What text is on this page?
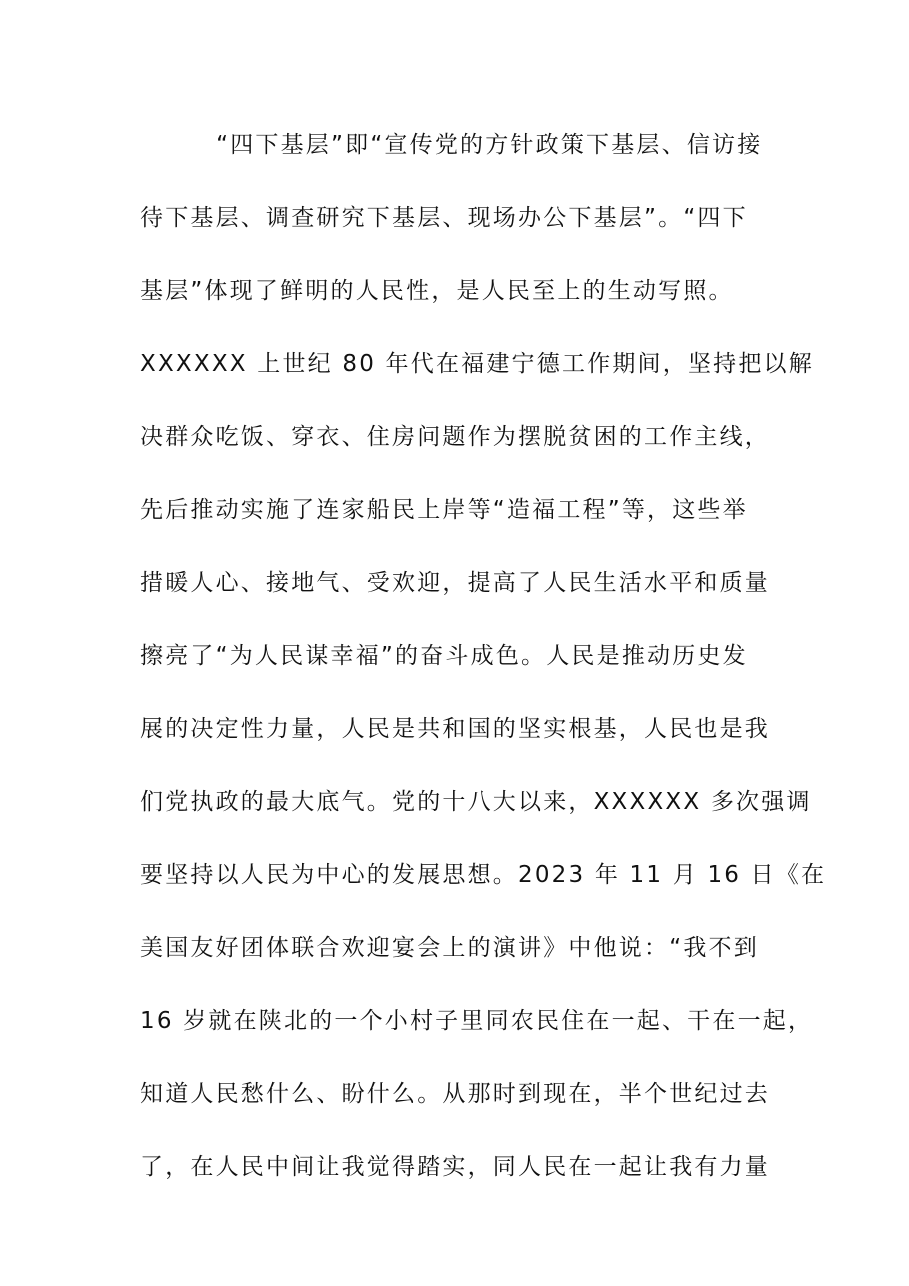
“四下基层”即“宣传党的方针政策下基层、信访接
待下基层、调查研究下基层、现场办公下基层”。“四下
基层”体现了鲜明的人民性，是人民至上的生动写照。
XXXXXX 上世纪 80 年代在福建宁德工作期间，坚持把以解
决群众吃饭、穿衣、住房问题作为摆脱贫困的工作主线，
先后推动实施了连家船民上岸等“造福工程”等，这些举
措暖人心、接地气、受欢迎，提高了人民生活水平和质量
擦亮了“为人民谋幸福”的奋斗成色。人民是推动历史发
展的决定性力量，人民是共和国的坚实根基，人民也是我
们党执政的最大底气。党的十八大以来，XXXXXX 多次强调
要坚持以人民为中心的发展思想。2023 年 11 月 16 日《在
美国友好团体联合欢迎宴会上的演讲》中他说：“我不到
16 岁就在陕北的一个小村子里同农民住在一起、干在一起，
知道人民愁什么、盼什么。从那时到现在，半个世纪过去
了，在人民中间让我觉得踏实，同人民在一起让我有力量
